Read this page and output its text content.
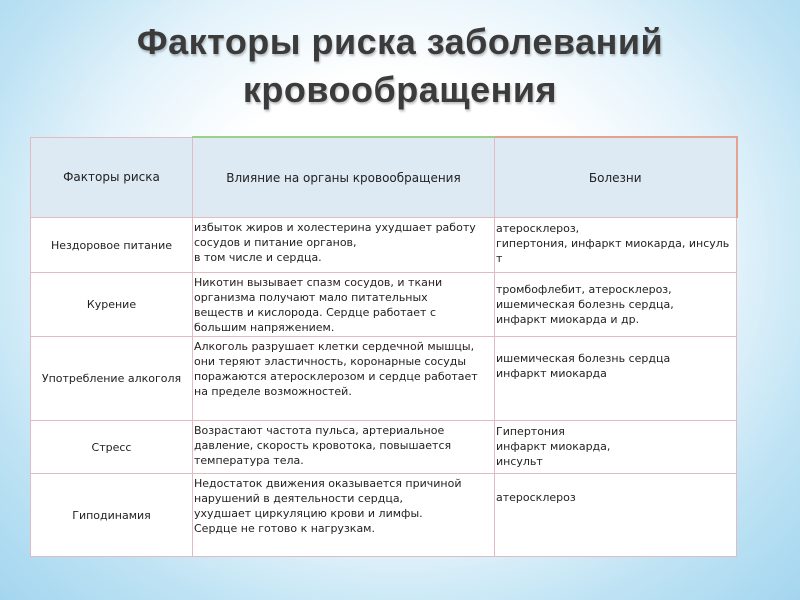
Факторы риска заболеваний
кровообращения
Факторы риска	Влияние на органы кровообращения	Болезни
Нездоровое питание	избыток жиров и холестерина ухудшает работу
сосудов и питание органов,
в том числе и сердца.	атеросклероз,
гипертония, инфаркт миокарда, инсуль
т

Курение	Никотин вызывает спазм сосудов, и ткани
организма получают мало питательных
веществ и кислорода. Сердце работает с
большим напряжением.	тромбофлебит, атеросклероз,
ишемическая болезнь сердца,
инфаркт миокарда и др.

Употребление алкоголя	Алкоголь разрушает клетки сердечной мышцы,
они теряют эластичность, коронарные сосуды
поражаются атеросклерозом и сердце работает
на пределе возможностей.	ишемическая болезнь сердца
инфаркт миокарда

Стресс	Возрастают частота пульса, артериальное
давление, скорость кровотока, повышается
температура тела.	Гипертония
инфаркт миокарда,
инсульт

Гиподинамия	Недостаток движения оказывается причиной
нарушений в деятельности сердца,
ухудшает циркуляцию крови и лимфы.
Сердце не готово к нагрузкам.	атеросклероз
